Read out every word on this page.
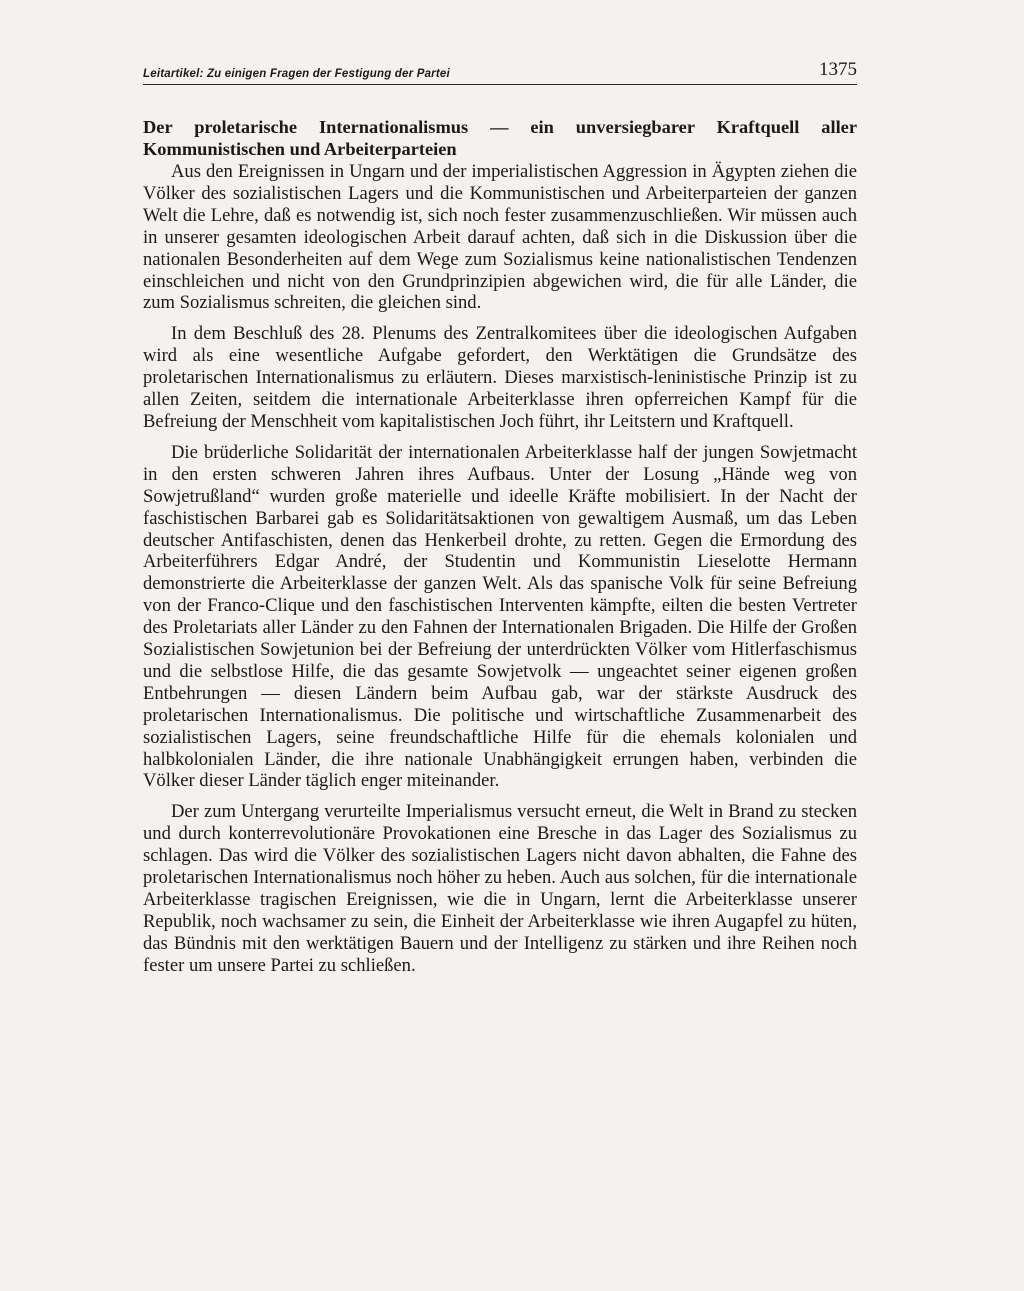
Leitartikel: Zu einigen Fragen der Festigung der Partei	1375
Der proletarische Internationalismus — ein unversiegbarer Kraftquell aller Kommunistischen und Arbeiterparteien

Aus den Ereignissen in Ungarn und der imperialistischen Aggression in Ägypten ziehen die Völker des sozialistischen Lagers und die Kommunistischen und Arbeiterparteien der ganzen Welt die Lehre, daß es notwendig ist, sich noch fester zusammenzuschließen. Wir müssen auch in unserer gesamten ideologischen Arbeit darauf achten, daß sich in die Diskussion über die nationalen Besonderheiten auf dem Wege zum Sozialismus keine nationalistischen Tendenzen einschleichen und nicht von den Grundprinzipien abgewichen wird, die für alle Länder, die zum Sozialismus schreiten, die gleichen sind.

In dem Beschluß des 28. Plenums des Zentralkomitees über die ideologischen Aufgaben wird als eine wesentliche Aufgabe gefordert, den Werktätigen die Grundsätze des proletarischen Internationalismus zu erläutern. Dieses marxistisch-leninistische Prinzip ist zu allen Zeiten, seitdem die internationale Arbeiterklasse ihren opferreichen Kampf für die Befreiung der Menschheit vom kapitalistischen Joch führt, ihr Leitstern und Kraftquell.

Die brüderliche Solidarität der internationalen Arbeiterklasse half der jungen Sowjetmacht in den ersten schweren Jahren ihres Aufbaus. Unter der Losung „Hände weg von Sowjetrußland“ wurden große materielle und ideelle Kräfte mobilisiert. In der Nacht der faschistischen Barbarei gab es Solidaritätsaktionen von gewaltigem Ausmaß, um das Leben deutscher Antifaschisten, denen das Henkerbeil drohte, zu retten. Gegen die Ermordung des Arbeiterführers Edgar André, der Studentin und Kommunistin Lieselotte Hermann demonstrierte die Arbeiterklasse der ganzen Welt. Als das spanische Volk für seine Befreiung von der Franco-Clique und den faschistischen Interventen kämpfte, eilten die besten Vertreter des Proletariats aller Länder zu den Fahnen der Internationalen Brigaden. Die Hilfe der Großen Sozialistischen Sowjetunion bei der Befreiung der unterdrückten Völker vom Hitlerfaschismus und die selbstlose Hilfe, die das gesamte Sowjetvolk — ungeachtet seiner eigenen großen Entbehrungen — diesen Ländern beim Aufbau gab, war der stärkste Ausdruck des proletarischen Internationalismus. Die politische und wirtschaftliche Zusammenarbeit des sozialistischen Lagers, seine freundschaftliche Hilfe für die ehemals kolonialen und halbkolonialen Länder, die ihre nationale Unabhängigkeit errungen haben, verbinden die Völker dieser Länder täglich enger miteinander.

Der zum Untergang verurteilte Imperialismus versucht erneut, die Welt in Brand zu stecken und durch konterrevolutionäre Provokationen eine Bresche in das Lager des Sozialismus zu schlagen. Das wird die Völker des sozialistischen Lagers nicht davon abhalten, die Fahne des proletarischen Internationalismus noch höher zu heben. Auch aus solchen, für die internationale Arbeiterklasse tragischen Ereignissen, wie die in Ungarn, lernt die Arbeiterklasse unserer Republik, noch wachsamer zu sein, die Einheit der Arbeiterklasse wie ihren Augapfel zu hüten, das Bündnis mit den werktätigen Bauern und der Intelligenz zu stärken und ihre Reihen noch fester um unsere Partei zu schließen.
